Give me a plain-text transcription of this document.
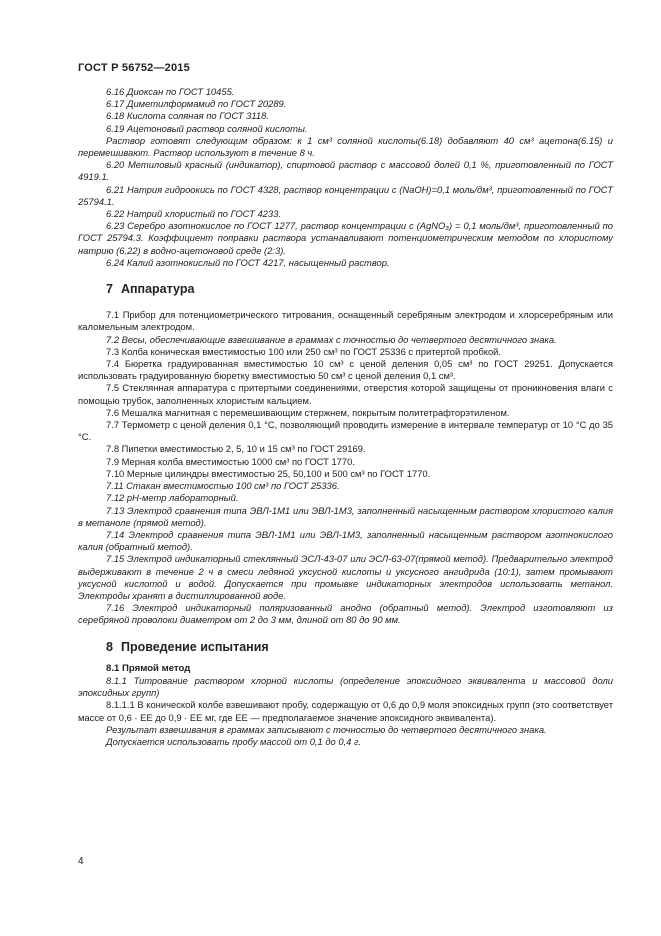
ГОСТ Р 56752—2015

6.16 Диоксан по ГОСТ 10455.

6.17 Диметилформамид по ГОСТ 20289.

6.18 Кислота соляная по ГОСТ 3118.

6.19 Ацетоновый раствор соляной кислоты.

Раствор готовят следующим образом: к 1 см³ соляной кислоты(6.18) добавляют 40 см³ ацетона(6.15) и перемешивают. Раствор используют в течение 8 ч.

6.20 Метиловый красный (индикатор), спиртовой раствор с массовой долей 0,1 %, приготовленный по ГОСТ 4919.1.

6.21 Натрия гидроокись по ГОСТ 4328, раствор концентрации с (NaOH)=0,1 моль/дм³, приготовленный по ГОСТ 25794.1.

6.22 Натрий хлористый по ГОСТ 4233.

6.23 Серебро азотнокислое по ГОСТ 1277, раствор концентрации с (AgNO₃) = 0,1 моль/дм³, приготовленный по ГОСТ 25794.3. Коэффициент поправки раствора устанавливают потенциометрическим методом по хлористому натрию (6.22) в водно-ацетоновой среде (2:3).

6.24 Калий азотнокислый по ГОСТ 4217, насыщенный раствор.

7 Аппаратура

7.1 Прибор для потенциометрического титрования, оснащенный серебряным электродом и хлорсеребряным или каломельным электродом.

7.2 Весы, обеспечивающие взвешивание в граммах с точностью до четвертого десятичного знака.

7.3 Колба коническая вместимостью 100 или 250 см³ по ГОСТ 25336 с притертой пробкой.

7.4 Бюретка градуированная вместимостью 10 см³ с ценой деления 0,05 см³ по ГОСТ 29251. Допускается использовать градуированную бюретку вместимостью 50 см³ с ценой деления 0,1 см³.

7.5 Стеклянная аппаратура с притертыми соединениями, отверстия которой защищены от проникновения влаги с помощью трубок, заполненных хлористым кальцием.

7.6 Мешалка магнитная с перемешивающим стержнем, покрытым политетрафторэтиленом.

7.7 Термометр с ценой деления 0,1 °С, позволяющий проводить измерение в интервале температур от 10 °С до 35 °С.

7.8 Пипетки вместимостью 2, 5, 10 и 15 см³ по ГОСТ 29169.

7.9 Мерная колба вместимостью 1000 см³ по ГОСТ 1770.

7.10 Мерные цилиндры вместимостью 25, 50,100 и 500 см³ по ГОСТ 1770.

7.11 Стакан вместимостью 100 см³ по ГОСТ 25336.

7.12 pH-метр лабораторный.

7.13 Электрод сравнения типа ЭВЛ-1М1 или ЭВЛ-1М3, заполненный насыщенным раствором хлористого калия в метаноле (прямой метод).

7.14 Электрод сравнения типа ЭВЛ-1М1 или ЭВЛ-1М3, заполненный насыщенным раствором азотнокислого калия (обратный метод).

7.15 Электрод индикаторный стеклянный ЭСЛ-43-07 или ЭСЛ-63-07(прямой метод). Предварительно электрод выдерживают в течение 2 ч в смеси ледяной уксусной кислоты и уксусного ангидрида (10:1), затем промывают уксусной кислотой и водой. Допускается при промывке индикаторных электродов использовать метанол. Электроды хранят в дистиллированной воде.

7.16 Электрод индикаторный поляризованный анодно (обратный метод). Электрод изготовляют из серебряной проволоки диаметром от 2 до 3 мм, длиной от 80 до 90 мм.

8 Проведение испытания
8.1 Прямой метод

8.1.1 Титрование раствором хлорной кислоты (определение эпоксидного эквивалента и массовой доли эпоксидных групп)

8.1.1.1 В конической колбе взвешивают пробу, содержащую от 0,6 до 0,9 моля эпоксидных групп (это соответствует массе от 0,6 · ЕЕ до 0,9 · ЕЕ мг, где ЕЕ — предполагаемое значение эпоксидного эквивалента).

Результат взвешивания в граммах записывают с точностью до четвертого десятичного знака.

Допускается использовать пробу массой от 0,1 до 0,4 г.

4
